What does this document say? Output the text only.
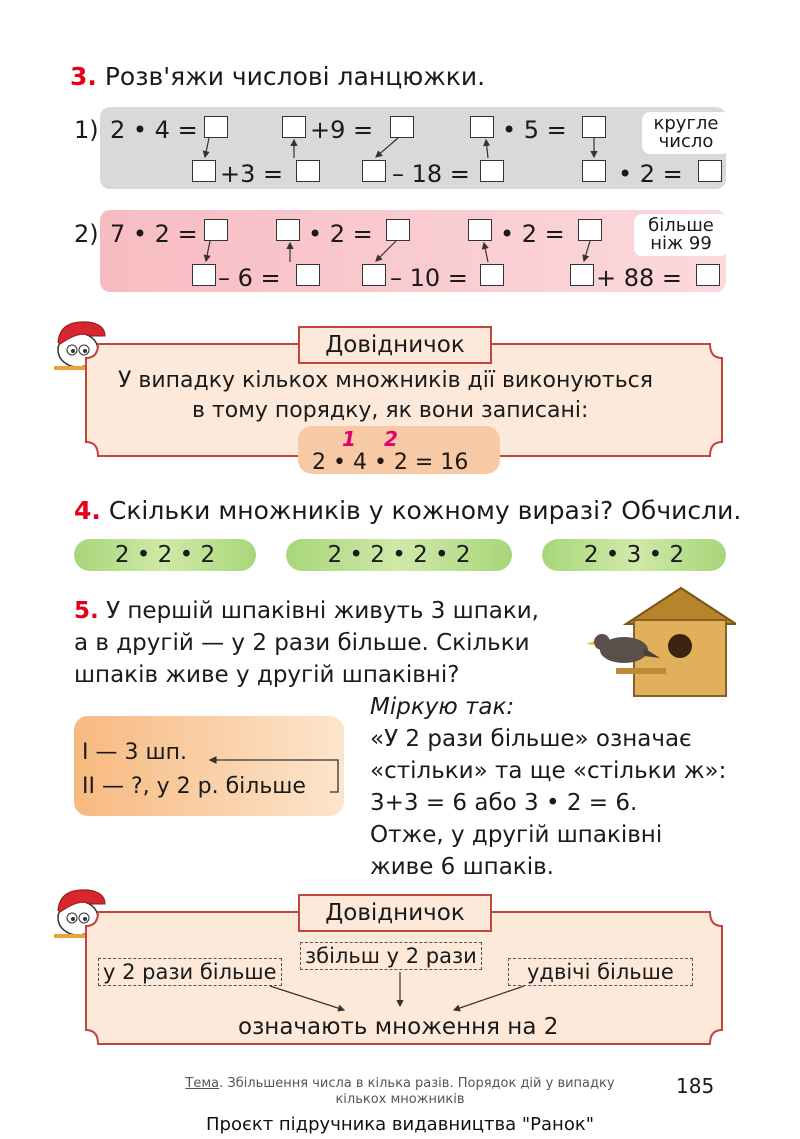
3. Розв'яжи числові ланцюжки.
1) 2 • 4 =	+9 =	• 5 =	кругле
число
+3 =	– 18 =	• 2 =
2) 7 • 2 =	• 2 =	• 2 =	більше
ніж 99
– 6 =	– 10 =	+ 88 =
Довідничок
У випадку кількох множників дії виконуються
в тому порядку, як вони записані:
1 2
2 • 4 • 2 = 16
4. Скільки множників у кожному виразі? Обчисли.
2 • 2 • 2	2 • 2 • 2 • 2	2 • 3 • 2
5. У першій шпаківні живуть 3 шпаки,
а в другій — у 2 рази більше. Скільки
шпаків живе у другій шпаківні?
I — 3 шп.
II — ?, у 2 р. більше
Міркую так:
«У 2 рази більше» означає
«стільки» та ще «стільки ж»:
3+3 = 6 або 3 • 2 = 6.
Отже, у другій шпаківні
живе 6 шпаків.
Довідничок
у 2 рази більше
збільш у 2 рази
удвічі більше
означають множення на 2
Тема. Збільшення числа в кілька разів. Порядок дій у випадку
кількох множників
185
Проєкт підручника видавництва "Ранок"
